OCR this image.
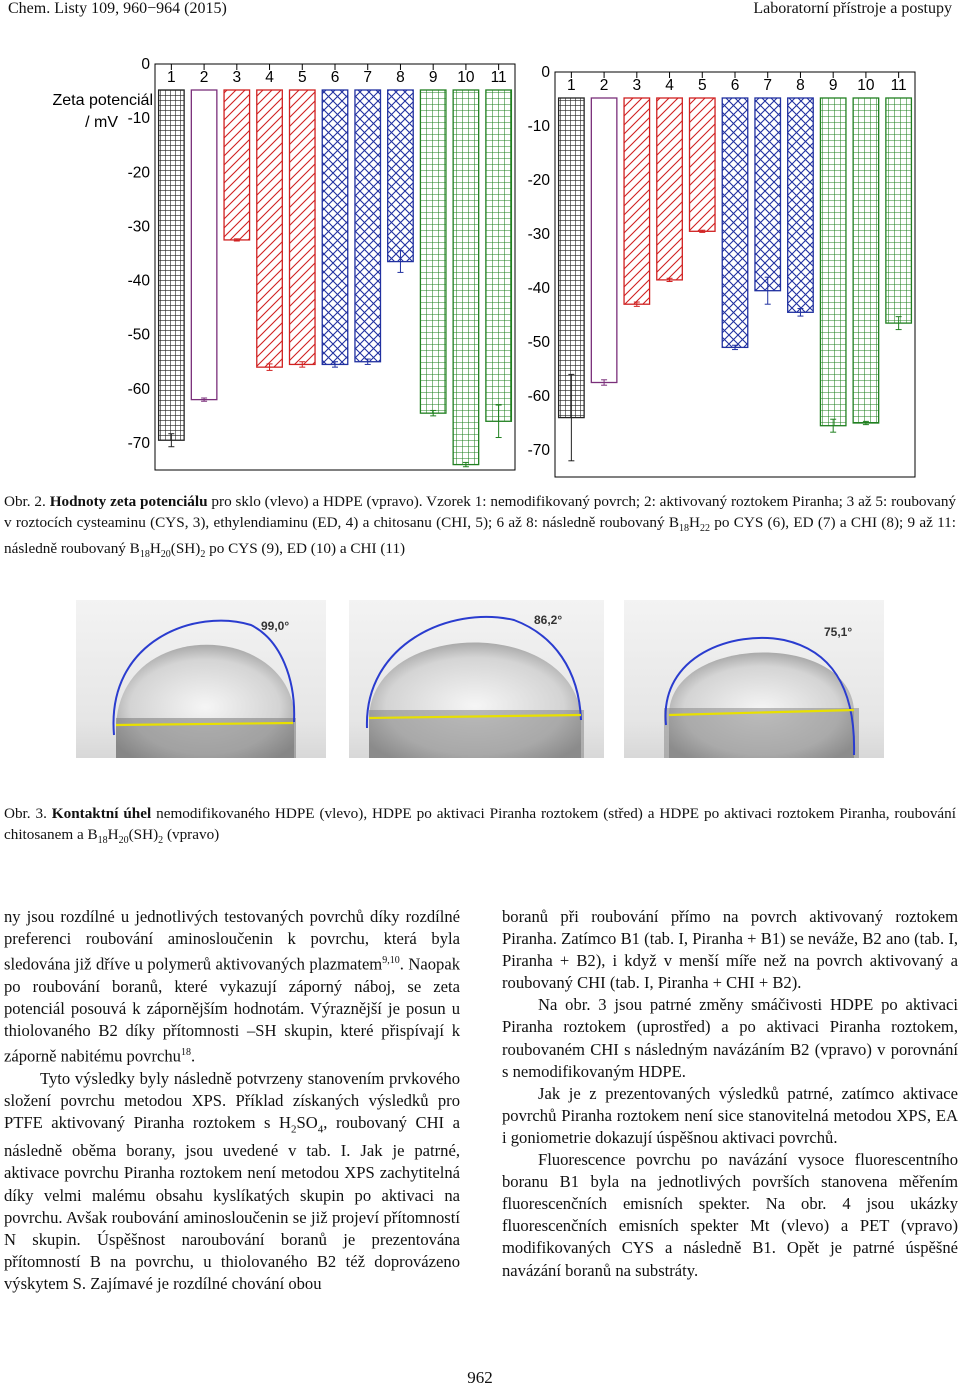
Chem. Listy 109, 960−964 (2015)	Laboratorní přístroje a postupy
Zeta potenciál
/ mV
0
-10
-20
-30
-40
-50
-60
-70
1 2 3 4 5 6 7 8 9 10 11 0
-10
-20
-30
-40
-50
-60
-70
1 2 3 4 5 6 7 8 9 10 11
Obr. 2. Hodnoty zeta potenciálu pro sklo (vlevo) a HDPE (vpravo). Vzorek 1: nemodifikovaný povrch; 2: aktivovaný roztokem Piranha; 3 až 5: roubovaný v roztocích cysteaminu (CYS, 3), ethylendiaminu (ED, 4) a chitosanu (CHI, 5); 6 až 8: následně roubovaný $B_{18}H_{22}$ po CYS (6), ED (7) a CHI (8); 9 až 11: následně roubovaný $B_{18}H_{20}(SH)_2$ po CYS (9), ED (10) a CHI (11)
99,0°	86,2°
75,1°
Obr. 3. Kontaktní úhel nemodifikovaného HDPE (vlevo), HDPE po aktivaci Piranha roztokem (střed) a HDPE po aktivaci roztokem Piranha, roubování chitosanem a $B_{18}H_{20}(SH)_2$ (vpravo)

ny jsou rozdílné u jednotlivých testovaných povrchů díky rozdílné preferenci roubování aminosloučenin k povrchu, která byla sledována již dříve u polymerů aktivovaných plazmatem$^{9,10}$. Naopak po roubování boranů, které vykazují záporný náboj, se zeta potenciál posouvá k zápornějším hodnotám. Výraznější je posun u thiolovaného B2 díky přítomnosti –SH skupin, které přispívají k záporně nabitému povrchu$^{18}$.

Tyto výsledky byly následně potvrzeny stanovením prvkového složení povrchu metodou XPS. Příklad získaných výsledků pro PTFE aktivovaný Piranha roztokem s $H_2SO_4$, roubovaný CHI a následně oběma borany, jsou uvedené v tab. I. Jak je patrné, aktivace povrchu Piranha roztokem není metodou XPS zachytitelná díky velmi malému obsahu kyslíkatých skupin po aktivaci na povrchu. Avšak roubování aminosloučenin se již projeví přítomností N skupin. Úspěšnost naroubování boranů je prezentována přítomností B na povrchu, u thiolovaného B2 též doprovázeno výskytem S. Zajímavé je rozdílné chování obou

boranů při roubování přímo na povrch aktivovaný roztokem Piranha. Zatímco B1 (tab. I, Piranha + B1) se neváže, B2 ano (tab. I, Piranha + B2), i když v menší míře než na povrch aktivovaný a roubovaný CHI (tab. I, Piranha + CHI + B2).

Na obr. 3 jsou patrné změny smáčivosti HDPE po aktivaci Piranha roztokem (uprostřed) a po aktivaci Piranha roztokem, roubovaném CHI s následným navázáním B2 (vpravo) v porovnání s nemodifikovaným HDPE.

Jak je z prezentovaných výsledků patrné, zatímco aktivace povrchů Piranha roztokem není sice stanovitelná metodou XPS, EA i goniometrie dokazují úspěšnou aktivaci povrchů.

Fluorescence povrchu po navázání vysoce fluorescentního boranu B1 byla na jednotlivých površích stanovena měřením fluorescenčních emisních spekter. Na obr. 4 jsou ukázky fluorescenčních emisních spekter Mt (vlevo) a PET (vpravo) modifikovaných CYS a následně B1. Opět je patrné úspěšné navázání boranů na substráty.

962
